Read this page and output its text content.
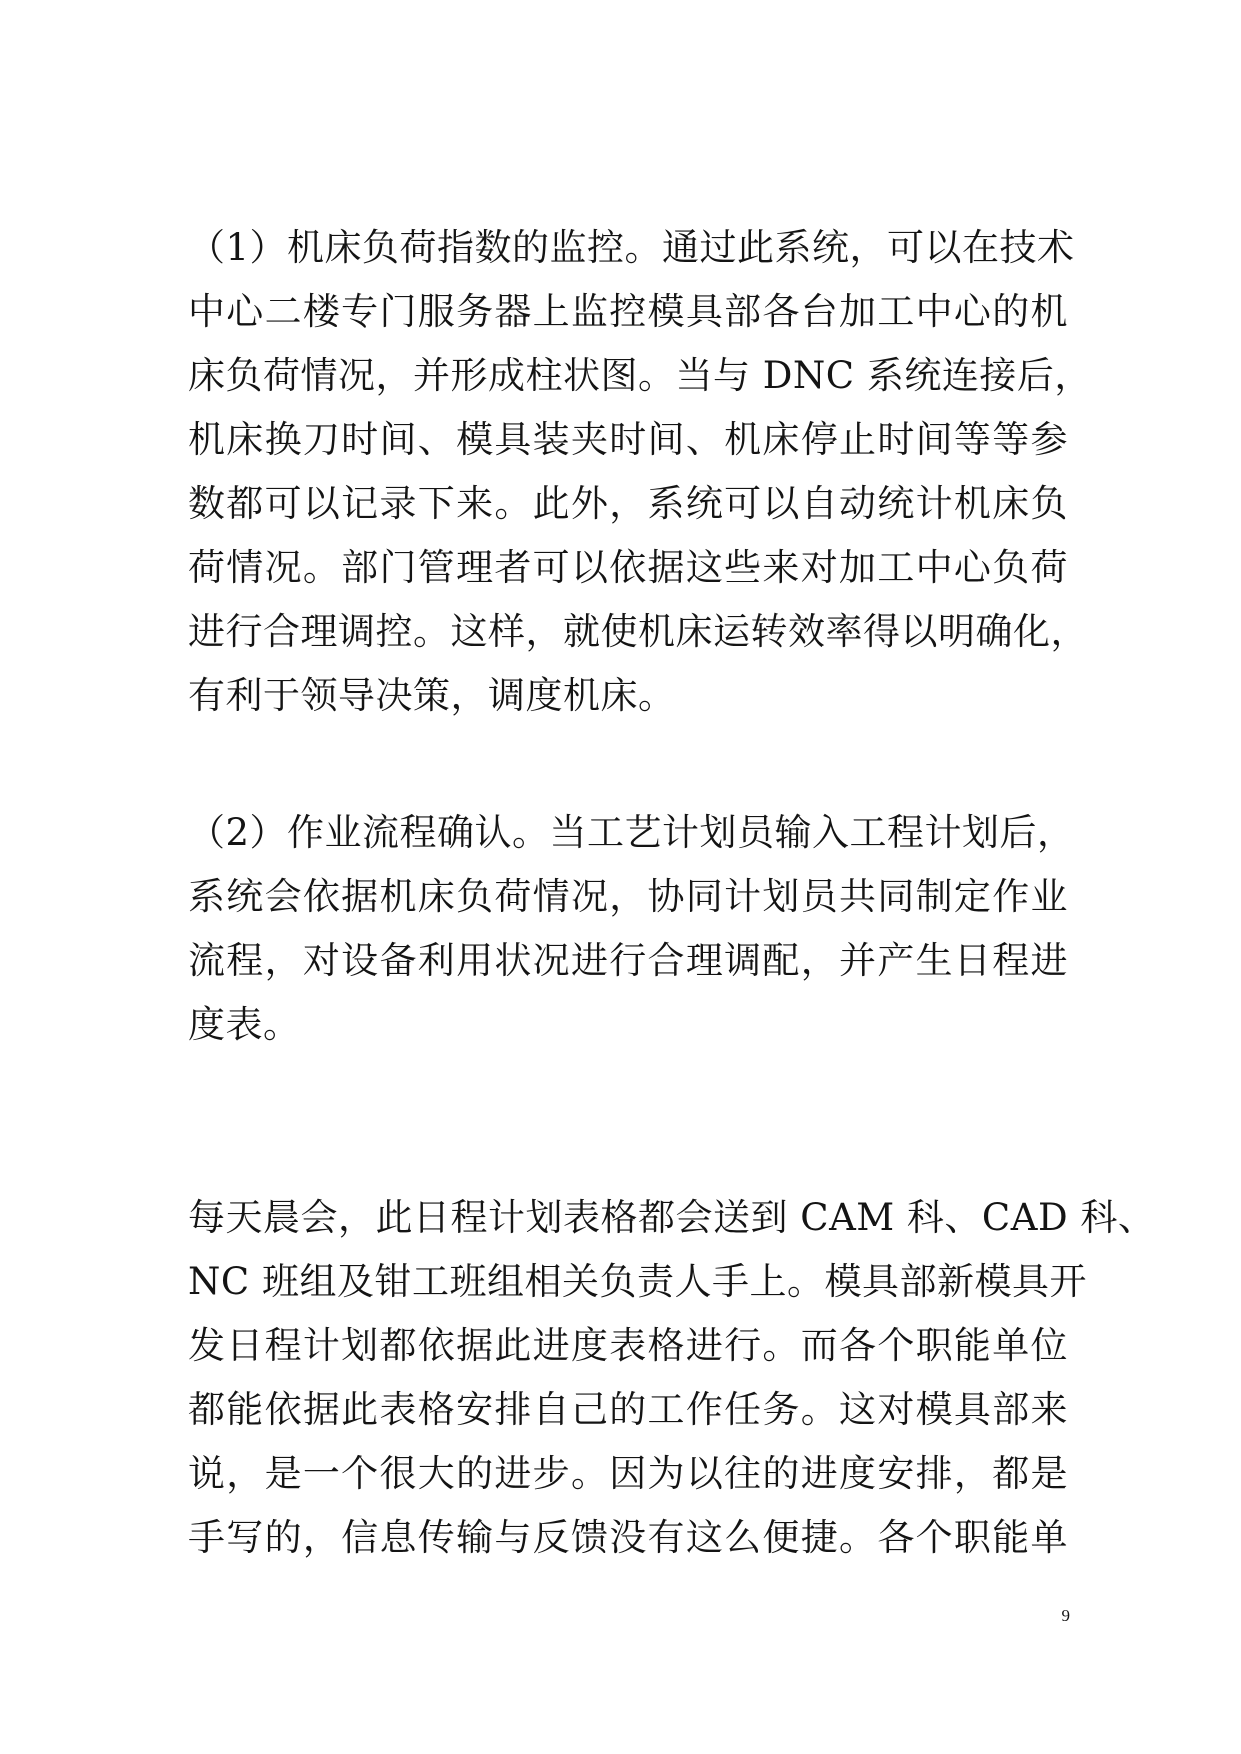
（1）机床负荷指数的监控。通过此系统，可以在技术
中心二楼专门服务器上监控模具部各台加工中心的机
床负荷情况，并形成柱状图。当与 DNC 系统连接后，
机床换刀时间、模具装夹时间、机床停止时间等等参
数都可以记录下来。此外，系统可以自动统计机床负
荷情况。部门管理者可以依据这些来对加工中心负荷
进行合理调控。这样，就使机床运转效率得以明确化，
有利于领导决策，调度机床。
（2）作业流程确认。当工艺计划员输入工程计划后，
系统会依据机床负荷情况，协同计划员共同制定作业
流程，对设备利用状况进行合理调配，并产生日程进
度表。
每天晨会，此日程计划表格都会送到 CAM 科、CAD 科、
NC 班组及钳工班组相关负责人手上。模具部新模具开
发日程计划都依据此进度表格进行。而各个职能单位
都能依据此表格安排自己的工作任务。这对模具部来
说，是一个很大的进步。因为以往的进度安排，都是
手写的，信息传输与反馈没有这么便捷。各个职能单
9
